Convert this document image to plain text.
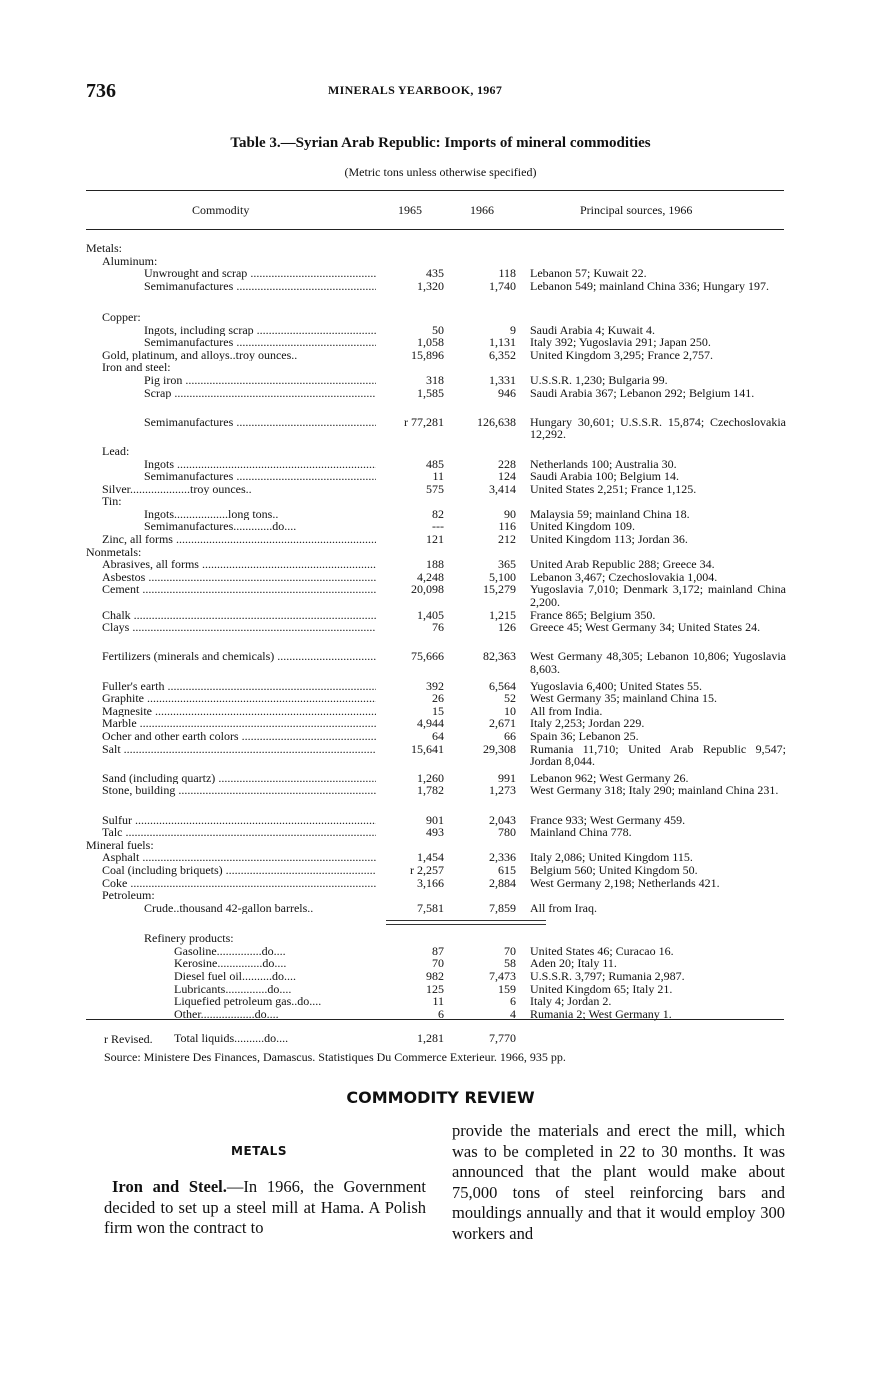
736	MINERALS YEARBOOK, 1967
Table 3.—Syrian Arab Republic: Imports of mineral commodities
(Metric tons unless otherwise specified)
Commodity	1965	1966	Principal sources, 1966
Metals:
Aluminum:
Unwrought and scrap .....	435	118 Lebanon 57; Kuwait 22.
Semimanufactures .....	1,320	1,740 Lebanon 549; mainland China 336; Hungary 197.
Copper:
Ingots, including scrap .....	50	9 Saudi Arabia 4; Kuwait 4.
Semimanufactures .....	1,058	1,131 Italy 392; Yugoslavia 291; Japan 250.
Gold, platinum, and alloys..troy ounces..	15,896	6,352 United Kingdom 3,295; France 2,757.
Iron and steel:
Pig iron .....	318	1,331 U.S.S.R. 1,230; Bulgaria 99.
Scrap .....	1,585	946 Saudi Arabia 367; Lebanon 292; Belgium 141.
Semimanufactures .....	r 77,281	126,638 Hungary 30,601; U.S.S.R. 15,874; Czechoslovakia 12,292.
Lead:
Ingots .....	485	228 Netherlands 100; Australia 30.
Semimanufactures .....	11	124 Saudi Arabia 100; Belgium 14.
Silver....................troy ounces..	575	3,414 United States 2,251; France 1,125.
Tin:
Ingots..................long tons..	82	90 Malaysia 59; mainland China 18.
Semimanufactures.............do....	---	116 United Kingdom 109.
Zinc, all forms .....	121	212 United Kingdom 113; Jordan 36.
Nonmetals:
Abrasives, all forms .....	188	365 United Arab Republic 288; Greece 34.
Asbestos .....	4,248	5,100 Lebanon 3,467; Czechoslovakia 1,004.
Cement .....	20,098	15,279 Yugoslavia 7,010; Denmark 3,172; mainland China 2,200.
Chalk .....	1,405	1,215 France 865; Belgium 350.
Clays .....	76	126 Greece 45; West Germany 34; United States 24.
Fertilizers (minerals and chemicals) .....	75,666	82,363 West Germany 48,305; Lebanon 10,806; Yugoslavia 8,603.
Fuller's earth .....	392	6,564 Yugoslavia 6,400; United States 55.
Graphite .....	26	52 West Germany 35; mainland China 15.
Magnesite .....	15	10 All from India.
Marble .....	4,944	2,671 Italy 2,253; Jordan 229.
Ocher and other earth colors .....	64	66 Spain 36; Lebanon 25.
Salt .....	15,641	29,308 Rumania 11,710; United Arab Republic 9,547; Jordan 8,044.
Sand (including quartz) .....	1,260	991 Lebanon 962; West Germany 26.
Stone, building .....	1,782	1,273 West Germany 318; Italy 290; mainland China 231.
Sulfur .....	901	2,043 France 933; West Germany 459.
Talc .....	493	780 Mainland China 778.
Mineral fuels:
Asphalt .....	1,454	2,336 Italy 2,086; United Kingdom 115.
Coal (including briquets) .....	r 2,257	615 Belgium 560; United Kingdom 50.
Coke .....	3,166	2,884 West Germany 2,198; Netherlands 421.
Petroleum:
Crude..thousand 42-gallon barrels..	7,581	7,859 All from Iraq.
Refinery products:
Gasoline...............do....	87	70 United States 46; Curacao 16.
Kerosine...............do....	70	58 Aden 20; Italy 11.
Diesel fuel oil..........do....	982	7,473 U.S.S.R. 3,797; Rumania 2,987.
Lubricants..............do....	125	159 United Kingdom 65; Italy 21.
Liquefied petroleum gas..do....	11	6 Italy 4; Jordan 2.
Other..................do....	6	4 Rumania 2; West Germany 1.
Total liquids..........do....	1,281	7,770
r Revised.
Source: Ministere Des Finances, Damascus. Statistiques Du Commerce Exterieur. 1966, 935 pp.
COMMODITY REVIEW
METALS
Iron and Steel.—In 1966, the Government decided to set up a steel mill at Hama. A Polish firm won the contract to
provide the materials and erect the mill, which was to be completed in 22 to 30 months. It was announced that the plant would make about 75,000 tons of steel reinforcing bars and mouldings annually and that it would employ 300 workers and
